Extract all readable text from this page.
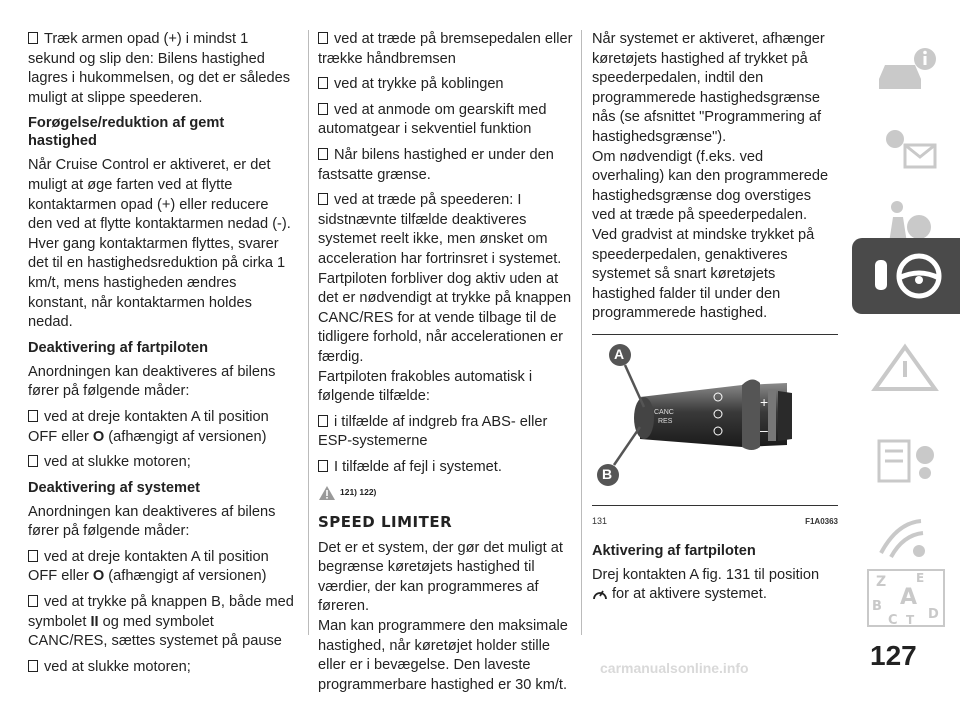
Træk armen opad (+) i mindst 1 sekund og slip den: Bilens hastighed lagres i hukommelsen, og det er således muligt at slippe speederen.

Forøgelse/reduktion af gemt hastighed

Når Cruise Control er aktiveret, er det muligt at øge farten ved at flytte kontaktarmen opad (+) eller reducere den ved at flytte kontaktarmen nedad (-).

Hver gang kontaktarmen flyttes, svarer det til en hastighedsreduktion på cirka 1 km/t, mens hastigheden ændres konstant, når kontaktarmen holdes nedad.

Deaktivering af fartpiloten

Anordningen kan deaktiveres af bilens fører på følgende måder:

ved at dreje kontakten A til position OFF eller O (afhængigt af versionen)

ved at slukke motoren;

Deaktivering af systemet

Anordningen kan deaktiveres af bilens fører på følgende måder:

ved at dreje kontakten A til position OFF eller O (afhængigt af versionen)

ved at trykke på knappen B, både med symbolet II og med symbolet CANC/RES, sættes systemet på pause

ved at slukke motoren;

ved at træde på bremsepedalen eller trække håndbremsen

ved at trykke på koblingen

ved at anmode om gearskift med automatgear i sekventiel funktion

Når bilens hastighed er under den fastsatte grænse.

ved at træde på speederen: I sidstnævnte tilfælde deaktiveres systemet reelt ikke, men ønsket om acceleration har fortrinsret i systemet.

Fartpiloten forbliver dog aktiv uden at det er nødvendigt at trykke på knappen CANC/RES for at vende tilbage til de tidligere forhold, når accelerationen er færdig.

Fartpiloten frakobles automatisk i følgende tilfælde:

i tilfælde af indgreb fra ABS- eller ESP-systemerne

I tilfælde af fejl i systemet.

121) 122)
SPEED LIMITER

Det er et system, der gør det muligt at begrænse køretøjets hastighed til værdier, der kan programmeres af føreren.

Man kan programmere den maksimale hastighed, når køretøjet holder stille eller er i bevægelse. Den laveste programmerbare hastighed er 30 km/t.

Når systemet er aktiveret, afhænger køretøjets hastighed af trykket på speederpedalen, indtil den programmerede hastighedsgrænse nås (se afsnittet "Programmering af hastighedsgrænse").

Om nødvendigt (f.eks. ved overhaling) kan den programmerede hastighedsgrænse dog overstiges ved at træde på speederpedalen.

Ved gradvist at mindske trykket på speederpedalen, genaktiveres systemet så snart køretøjets hastighed falder til under den programmerede hastighed.

A
B
CANC
RES
+
–
131	F1A0363
Aktivering af fartpiloten

Drej kontakten A fig. 131 til position
for at aktivere systemet.

Z E
B A
C T D
127
carmanualsonline.info
